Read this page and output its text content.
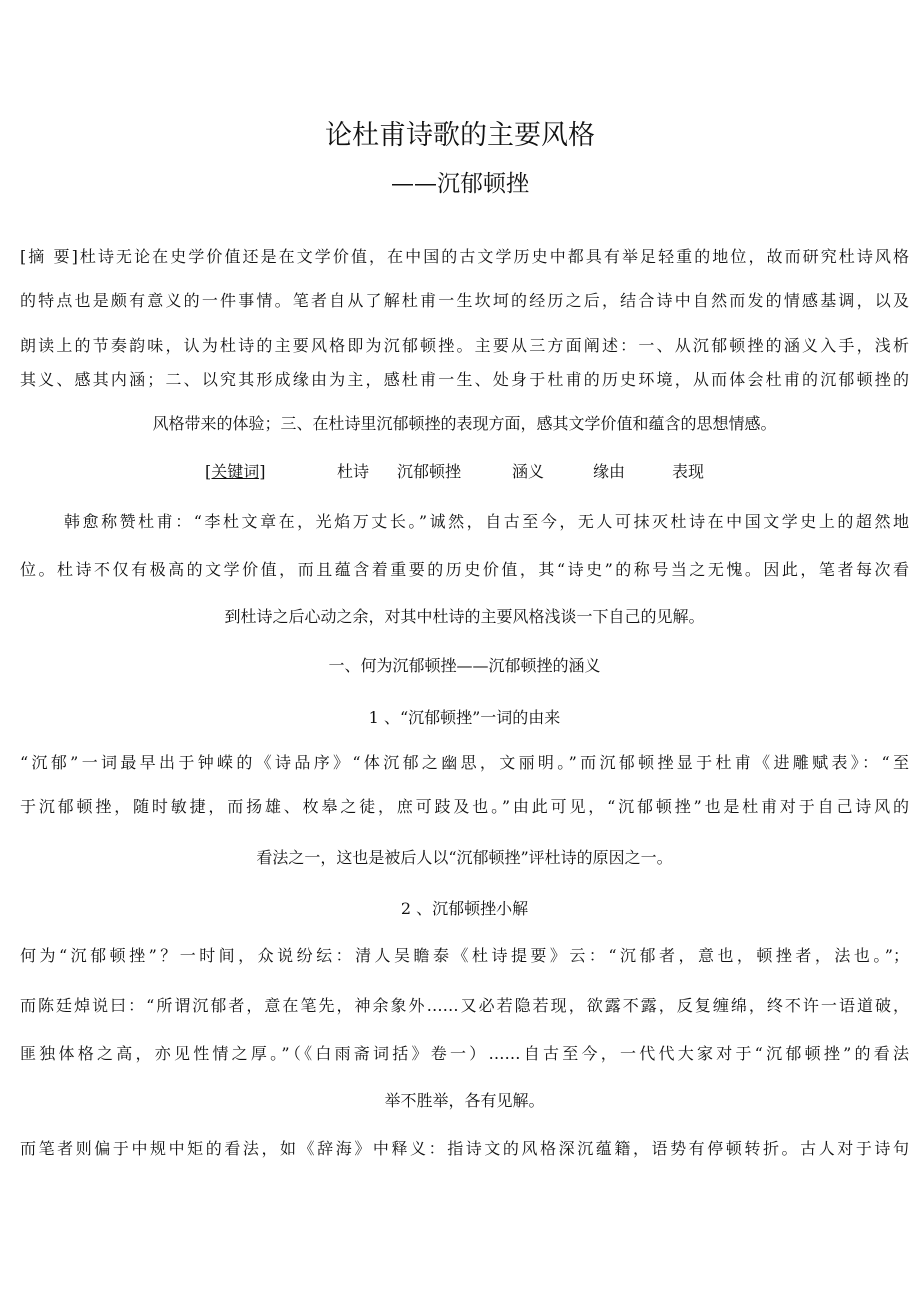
论杜甫诗歌的主要风格
——沉郁顿挫
[摘 要]杜诗无论在史学价值还是在文学价值，在中国的古文学历史中都具有举足轻重的地位，故而研究杜诗风格
的特点也是颇有意义的一件事情。笔者自从了解杜甫一生坎坷的经历之后，结合诗中自然而发的情感基调，以及
朗读上的节奏韵味，认为杜诗的主要风格即为沉郁顿挫。主要从三方面阐述：一、从沉郁顿挫的涵义入手，浅析
其义、感其内涵；二、以究其形成缘由为主，感杜甫一生、处身于杜甫的历史环境，从而体会杜甫的沉郁顿挫的
风格带来的体验；三、在杜诗里沉郁顿挫的表现方面，感其文学价值和蕴含的思想情感。
[关键词]	杜诗 沉郁顿挫	涵义	缘由	表现
韩愈称赞杜甫：“李杜文章在，光焰万丈长。”诚然，自古至今，无人可抹灭杜诗在中国文学史上的超然地
位。杜诗不仅有极高的文学价值，而且蕴含着重要的历史价值，其“诗史”的称号当之无愧。因此，笔者每次看
到杜诗之后心动之余，对其中杜诗的主要风格浅谈一下自己的见解。
一、何为沉郁顿挫——沉郁顿挫的涵义
1 、“沉郁顿挫”一词的由来
“沉郁”一词最早出于钟嵘的《诗品序》“体沉郁之幽思，文丽明。”而沉郁顿挫显于杜甫《进雕赋表》：“至
于沉郁顿挫，随时敏捷，而扬雄、枚皋之徒，庶可跂及也。”由此可见，“沉郁顿挫”也是杜甫对于自己诗风的
看法之一，这也是被后人以“沉郁顿挫”评杜诗的原因之一。
2 、沉郁顿挫小解
何为“沉郁顿挫”？一时间，众说纷纭：清人吴瞻泰《杜诗提要》云：“沉郁者，意也，顿挫者，法也。”；
而陈廷焯说曰：“所谓沉郁者，意在笔先，神余象外……又必若隐若现，欲露不露，反复缠绵，终不许一语道破，
匪独体格之高，亦见性情之厚。”（《白雨斋词括》卷一）……自古至今，一代代大家对于“沉郁顿挫”的看法
举不胜举，各有见解。
而笔者则偏于中规中矩的看法，如《辞海》中释义：指诗文的风格深沉蕴籍，语势有停顿转折。古人对于诗句
